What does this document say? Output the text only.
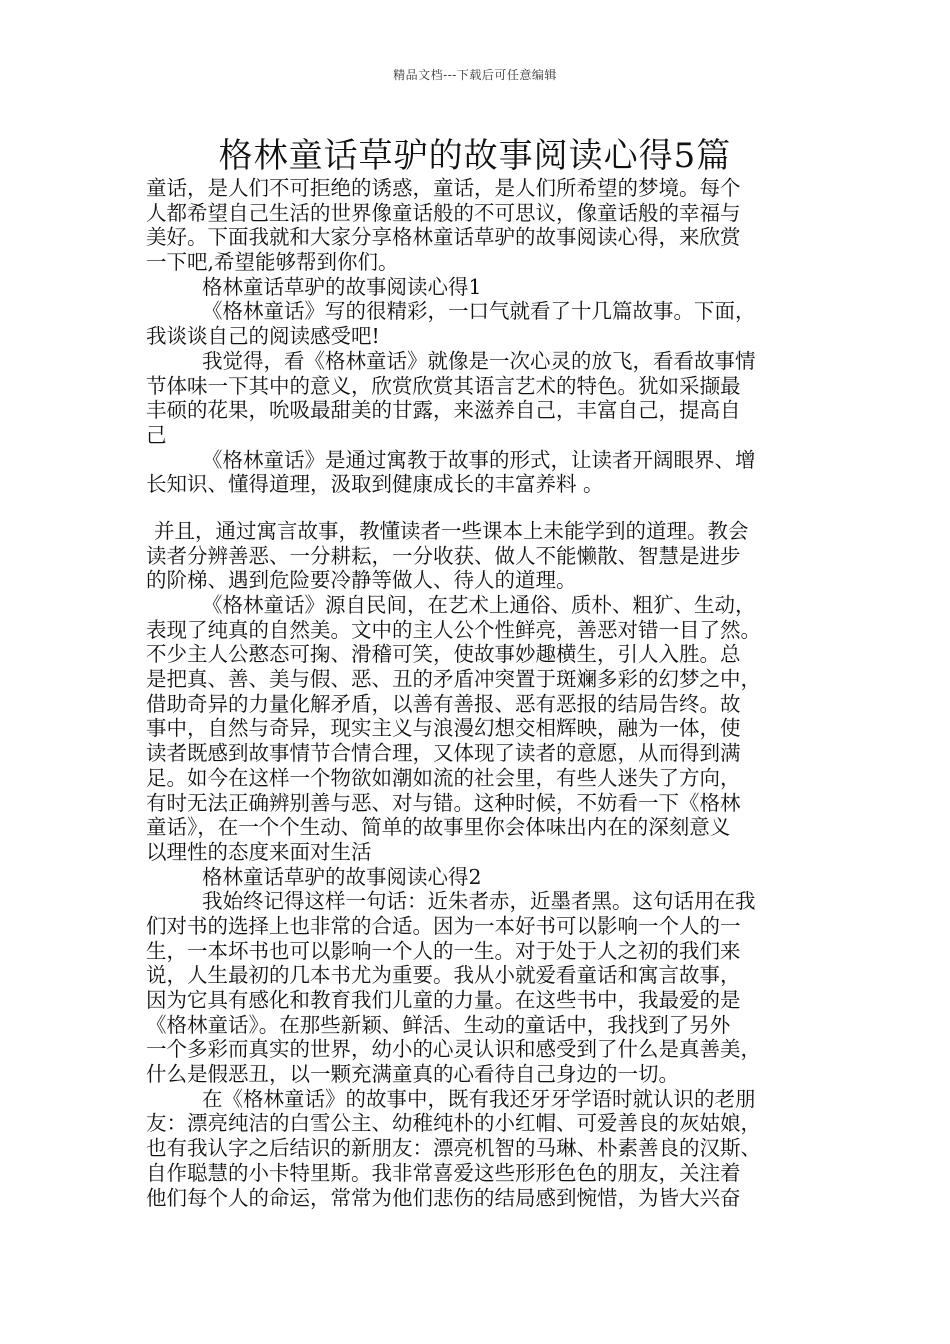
精品文档---下载后可任意编辑
格林童话草驴的故事阅读心得5篇
童话，是人们不可拒绝的诱惑，童话，是人们所希望的梦境。每个
人都希望自己生活的世界像童话般的不可思议，像童话般的幸福与
美好。下面我就和大家分享格林童话草驴的故事阅读心得，来欣赏
一下吧,希望能够帮到你们。
格林童话草驴的故事阅读心得1
《格林童话》写的很精彩，一口气就看了十几篇故事。下面，
我谈谈自己的阅读感受吧!
我觉得，看《格林童话》就像是一次心灵的放飞，看看故事情
节体味一下其中的意义，欣赏欣赏其语言艺术的特色。犹如采撷最
丰硕的花果，吮吸最甜美的甘露，来滋养自己，丰富自己，提高自
己
《格林童话》是通过寓教于故事的形式，让读者开阔眼界、增
长知识、懂得道理，汲取到健康成长的丰富养料 。
并且，通过寓言故事，教懂读者一些课本上未能学到的道理。教会
读者分辨善恶、一分耕耘，一分收获、做人不能懒散、智慧是进步
的阶梯、遇到危险要冷静等做人、待人的道理。
《格林童话》源自民间，在艺术上通俗、质朴、粗犷、生动，
表现了纯真的自然美。文中的主人公个性鲜亮，善恶对错一目了然。
不少主人公憨态可掬、滑稽可笑，使故事妙趣横生，引人入胜。总
是把真、善、美与假、恶、丑的矛盾冲突置于斑斓多彩的幻梦之中，
借助奇异的力量化解矛盾，以善有善报、恶有恶报的结局告终。故
事中，自然与奇异，现实主义与浪漫幻想交相辉映，融为一体，使
读者既感到故事情节合情合理，又体现了读者的意愿，从而得到满
足。如今在这样一个物欲如潮如流的社会里，有些人迷失了方向，
有时无法正确辨别善与恶、对与错。这种时候，不妨看一下《格林
童话》，在一个个生动、简单的故事里你会体味出内在的深刻意义
以理性的态度来面对生活
格林童话草驴的故事阅读心得2
我始终记得这样一句话：近朱者赤，近墨者黑。这句话用在我
们对书的选择上也非常的合适。因为一本好书可以影响一个人的一
生，一本坏书也可以影响一个人的一生。对于处于人之初的我们来
说，人生最初的几本书尤为重要。我从小就爱看童话和寓言故事，
因为它具有感化和教育我们儿童的力量。在这些书中，我最爱的是
《格林童话》。在那些新颖、鲜活、生动的童话中，我找到了另外
一个多彩而真实的世界，幼小的心灵认识和感受到了什么是真善美，
什么是假恶丑，以一颗充满童真的心看待自己身边的一切。
在《格林童话》的故事中，既有我还牙牙学语时就认识的老朋
友：漂亮纯洁的白雪公主、幼稚纯朴的小红帽、可爱善良的灰姑娘，
也有我认字之后结识的新朋友：漂亮机智的马琳、朴素善良的汉斯、
自作聪慧的小卡特里斯。我非常喜爱这些形形色色的朋友，关注着
他们每个人的命运，常常为他们悲伤的结局感到惋惜，为皆大兴奋
